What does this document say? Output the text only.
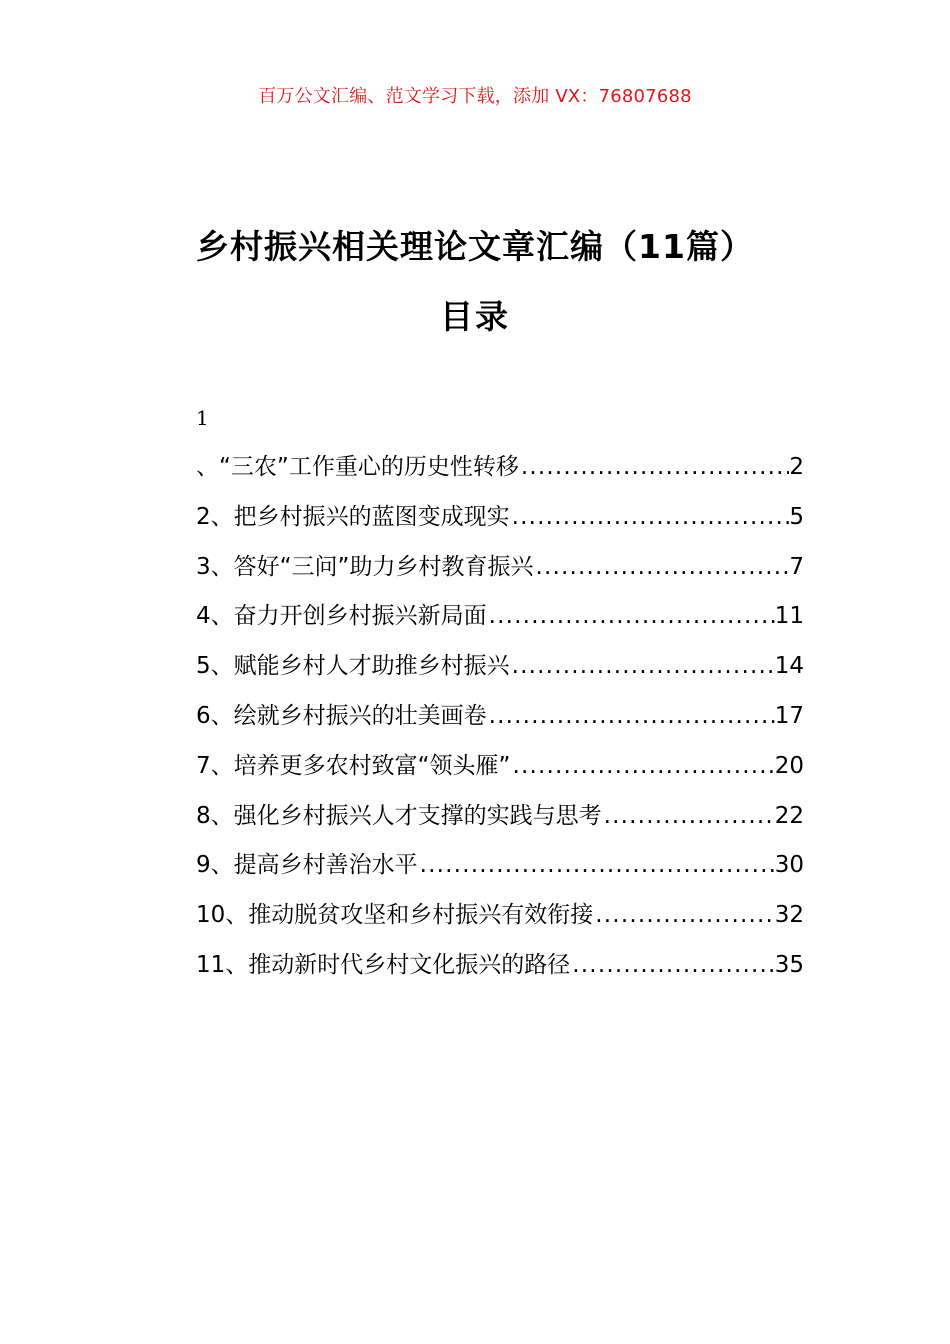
百万公文汇编、范文学习下载，添加 VX：76807688
乡村振兴相关理论文章汇编（11篇）
目录
1
、“三农”工作重心的历史性转移 .....	2
2、把乡村振兴的蓝图变成现实 .....	5
3、答好“三问”助力乡村教育振兴 .....	7
4、奋力开创乡村振兴新局面 .....	11
5、赋能乡村人才助推乡村振兴 .....	14
6、绘就乡村振兴的壮美画卷 .....	17
7、培养更多农村致富“领头雁” .....	20
8、强化乡村振兴人才支撑的实践与思考 .....	22
9、提高乡村善治水平 .....	30
10、推动脱贫攻坚和乡村振兴有效衔接 .....	32
11、推动新时代乡村文化振兴的路径 .....	35
